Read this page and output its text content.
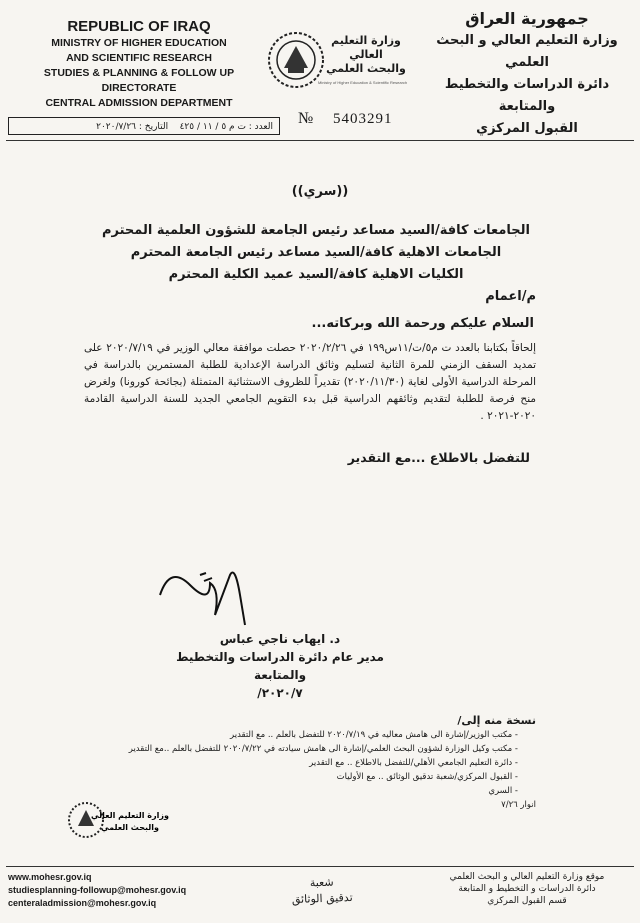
REPUBLIC OF IRAQ
MINISTRY OF HIGHER EDUCATION
AND SCIENTIFIC RESEARCH
STUDIES & PLANNING & FOLLOW UP DIRECTORATE
CENTRAL ADMISSION DEPARTMENT
وزارة التعليم العالي
والبحث العلمي
Ministry of Higher Education & Scientific Research
جمهورية العراق
وزارة التعليم العالي و البحث العلمي
دائرة الدراسات والتخطيط والمتابعة
القبول المركزي
العدد : ت م ٥ / ١١ / ٤٢٥    التاريخ : ٢٠٢٠/٧/٢٦	№ 5403291
((سري))
الجامعات كافة/السيد مساعد رئيس الجامعة للشؤون العلمية المحترم
الجامعات الاهلية كافة/السيد مساعد رئيس الجامعة المحترم
الكليات الاهلية كافة/السيد عميد الكلية المحترم
م/اعمام
السلام عليكم ورحمة الله وبركاته...
إلحاقاً بكتابنا بالعدد ت م٥/ت/١١س١٩٩ في ٢٠٢٠/٢/٢٦ حصلت موافقة معالي الوزير في ٢٠٢٠/٧/١٩ على تمديد السقف الزمني للمرة الثانية لتسليم وثائق الدراسة الإعدادية للطلبة المستمرين بالدراسة في المرحلة الدراسية الأولى لغاية (٢٠٢٠/١١/٣٠) تقديراً للظروف الاستثنائية المتمثلة (بجائحة كورونا) ولغرض منح فرصة للطلبة لتقديم وثائقهم الدراسية قبل بدء التقويم الجامعي الجديد للسنة الدراسية القادمة ٢٠٢٠-٢٠٢١ .
للتفضل بالاطلاع ...مع التقدير
د. ايهاب ناجي عباس
مدير عام دائرة الدراسات والتخطيط والمتابعة
٢٠٢٠/٧/
نسخة منه إلى/
- مكتب الوزير/إشارة الى هامش معاليه في ٢٠٢٠/٧/١٩ للتفضل بالعلم .. مع التقدير
- مكتب وكيل الوزارة لشؤون البحث العلمي/إشارة الى هامش سيادته في ٢٠٢٠/٧/٢٢ للتفضل بالعلم ..مع التقدير
- دائرة التعليم الجامعي الأهلي/للتفضل بالاطلاع .. مع التقدير
- القبول المركزي/شعبة تدقيق الوثائق .. مع الأوليات
- السري
انوار ٧/٢٦
وزارة التعليم العالي
والبحث العلمي
www.mohesr.gov.iq
studiesplanning-followup@mohesr.gov.iq
centeraladmission@mohesr.gov.iq
شعبة
تدقيق الوثائق
موقع وزارة التعليم العالي و البحث العلمي
دائرة الدراسات و التخطيط و المتابعة
قسم القبول المركزي
